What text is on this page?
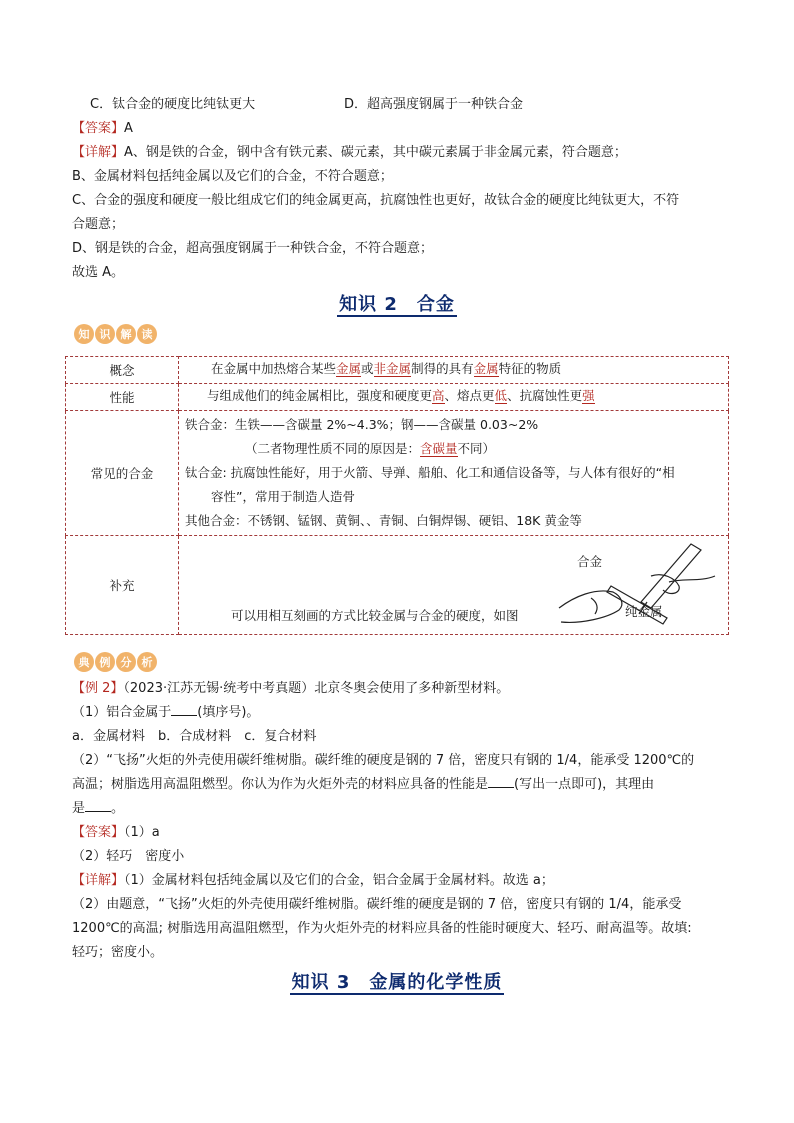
C．钛合金的硬度比纯钛更大	D．超高强度钢属于一种铁合金
【答案】A
【详解】A、钢是铁的合金，钢中含有铁元素、碳元素，其中碳元素属于非金属元素，符合题意；
B、金属材料包括纯金属以及它们的合金，不符合题意；
C、合金的强度和硬度一般比组成它们的纯金属更高，抗腐蚀性也更好，故钛合金的硬度比纯钛更大，不符
合题意；
D、钢是铁的合金，超高强度钢属于一种铁合金，不符合题意；
故选 A。
知识 2　合金
知 识 解 读
概念	在金属中加热熔合某些金属或非金属制得的具有金属特征的物质

性能	与组成他们的纯金属相比，强度和硬度更高、熔点更低、抗腐蚀性更强

常见的合金	铁合金：生铁——含碳量 2%~4.3%；钢——含碳量 0.03~2%
（二者物理性质不同的原因是：含碳量不同）
钛合金: 抗腐蚀性能好，用于火箭、导弹、船舶、化工和通信设备等，与人体有很好的“相
容性”，常用于制造人造骨
其他合金：不锈钢、锰钢、黄铜、、青铜、白铜焊锡、硬铝、18K 黄金等

补充	可以用相互刻画的方式比较金属与合金的硬度，如图
合金
纯金属
典 例 分 析
【例 2】（2023·江苏无锡·统考中考真题）北京冬奥会使用了多种新型材料。
（1）铝合金属于 (填序号)。
a．金属材料　b．合成材料　c．复合材料
（2）“飞扬”火炬的外壳使用碳纤维树脂。碳纤维的硬度是钢的 7 倍，密度只有钢的 1/4，能承受 1200℃的
高温；树脂选用高温阻燃型。你认为作为火炬外壳的材料应具备的性能是 (写出一点即可)，其理由
是 。
【答案】（1）a
（2）轻巧　密度小
【详解】（1）金属材料包括纯金属以及它们的合金，铝合金属于金属材料。故选 a；
（2）由题意，“飞扬”火炬的外壳使用碳纤维树脂。碳纤维的硬度是钢的 7 倍，密度只有钢的 1/4，能承受
1200℃的高温; 树脂选用高温阻燃型，作为火炬外壳的材料应具备的性能时硬度大、轻巧、耐高温等。故填:
轻巧；密度小。
知识 3　金属的化学性质
